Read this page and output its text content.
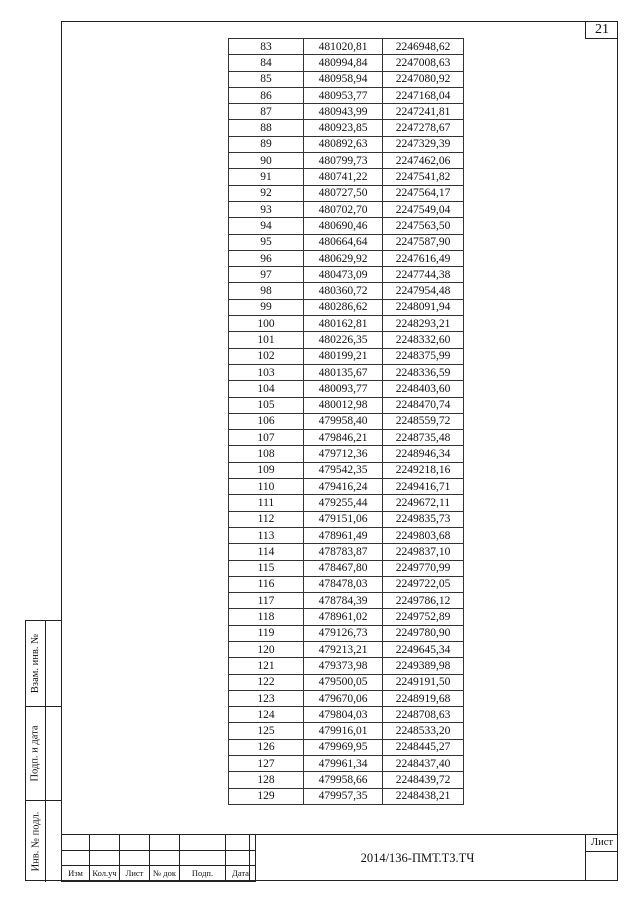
21
83	481020,81	2246948,62
84	480994,84	2247008,63
85	480958,94	2247080,92
86	480953,77	2247168,04
87	480943,99	2247241,81
88	480923,85	2247278,67
89	480892,63	2247329,39
90	480799,73	2247462,06
91	480741,22	2247541,82
92	480727,50	2247564,17
93	480702,70	2247549,04
94	480690,46	2247563,50
95	480664,64	2247587,90
96	480629,92	2247616,49
97	480473,09	2247744,38
98	480360,72	2247954,48
99	480286,62	2248091,94
100	480162,81	2248293,21
101	480226,35	2248332,60
102	480199,21	2248375,99
103	480135,67	2248336,59
104	480093,77	2248403,60
105	480012,98	2248470,74
106	479958,40	2248559,72
107	479846,21	2248735,48
108	479712,36	2248946,34
109	479542,35	2249218,16
110	479416,24	2249416,71
111	479255,44	2249672,11
112	479151,06	2249835,73
113	478961,49	2249803,68
114	478783,87	2249837,10
115	478467,80	2249770,99
116	478478,03	2249722,05
117	478784,39	2249786,12
118	478961,02	2249752,89
119	479126,73	2249780,90
120	479213,21	2249645,34
121	479373,98	2249389,98
122	479500,05	2249191,50
123	479670,06	2248919,68
124	479804,03	2248708,63
125	479916,01	2248533,20
126	479969,95	2248445,27
127	479961,34	2248437,40
128	479958,66	2248439,72
129	479957,35	2248438,21
Взам. инв. №
Подп. и дата
Инв. № подл.

Изм	Кол.уч	Лист	№ док	Подп.	Дата
2014/136-ПМТ.ТЗ.ТЧ
Лист
